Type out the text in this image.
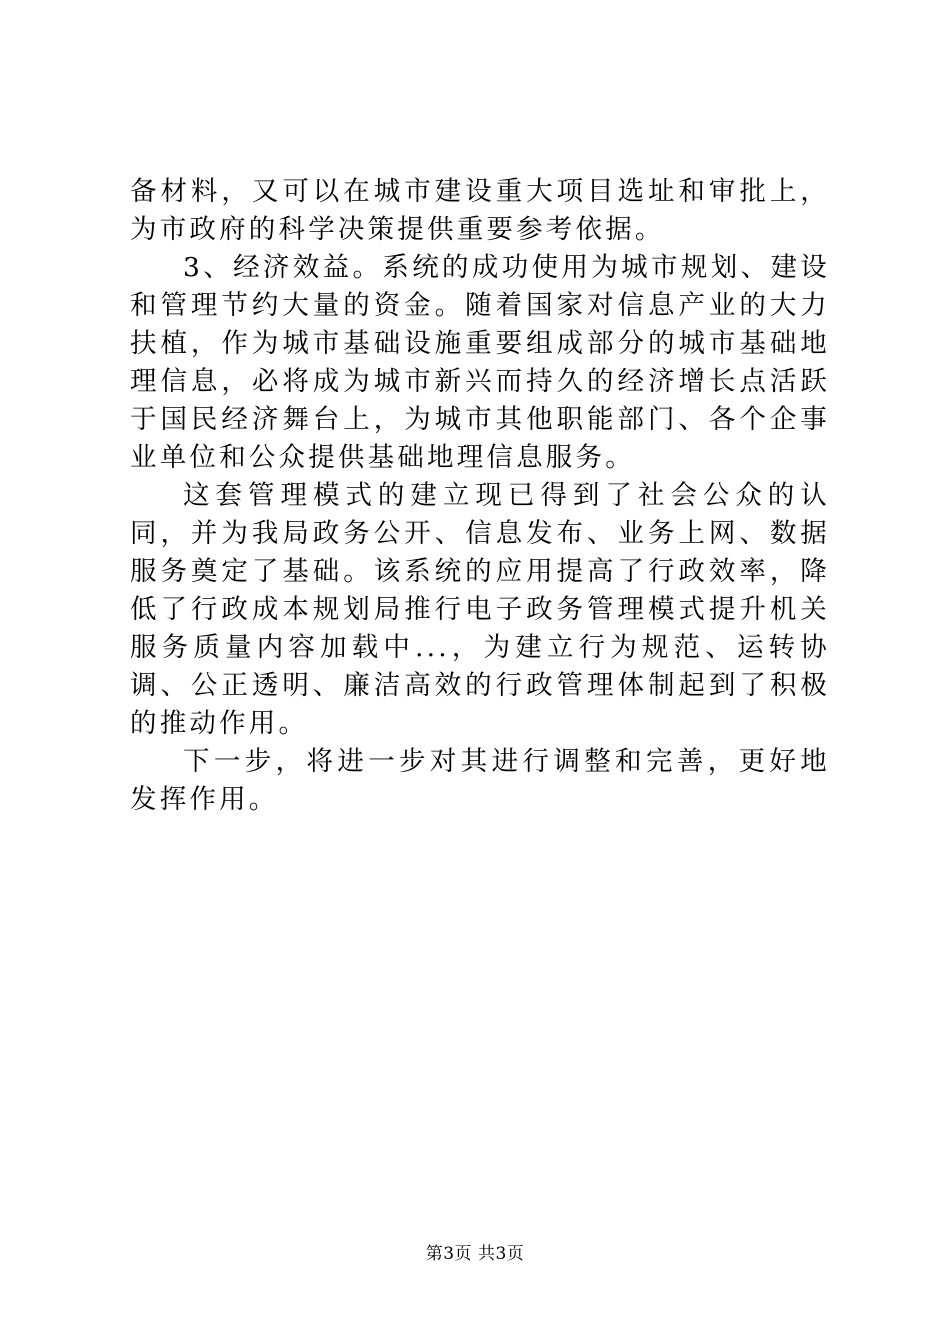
备材料，又可以在城市建设重大项目选址和审批上，为市政府的科学决策提供重要参考依据。

3、经济效益。系统的成功使用为城市规划、建设和管理节约大量的资金。随着国家对信息产业的大力扶植，作为城市基础设施重要组成部分的城市基础地理信息，必将成为城市新兴而持久的经济增长点活跃于国民经济舞台上，为城市其他职能部门、各个企事业单位和公众提供基础地理信息服务。

这套管理模式的建立现已得到了社会公众的认同，并为我局政务公开、信息发布、业务上网、数据服务奠定了基础。该系统的应用提高了行政效率，降低了行政成本规划局推行电子政务管理模式提升机关服务质量内容加载中...，为建立行为规范、运转协调、公正透明、廉洁高效的行政管理体制起到了积极的推动作用。

下一步，将进一步对其进行调整和完善，更好地发挥作用。

第3页 共3页
